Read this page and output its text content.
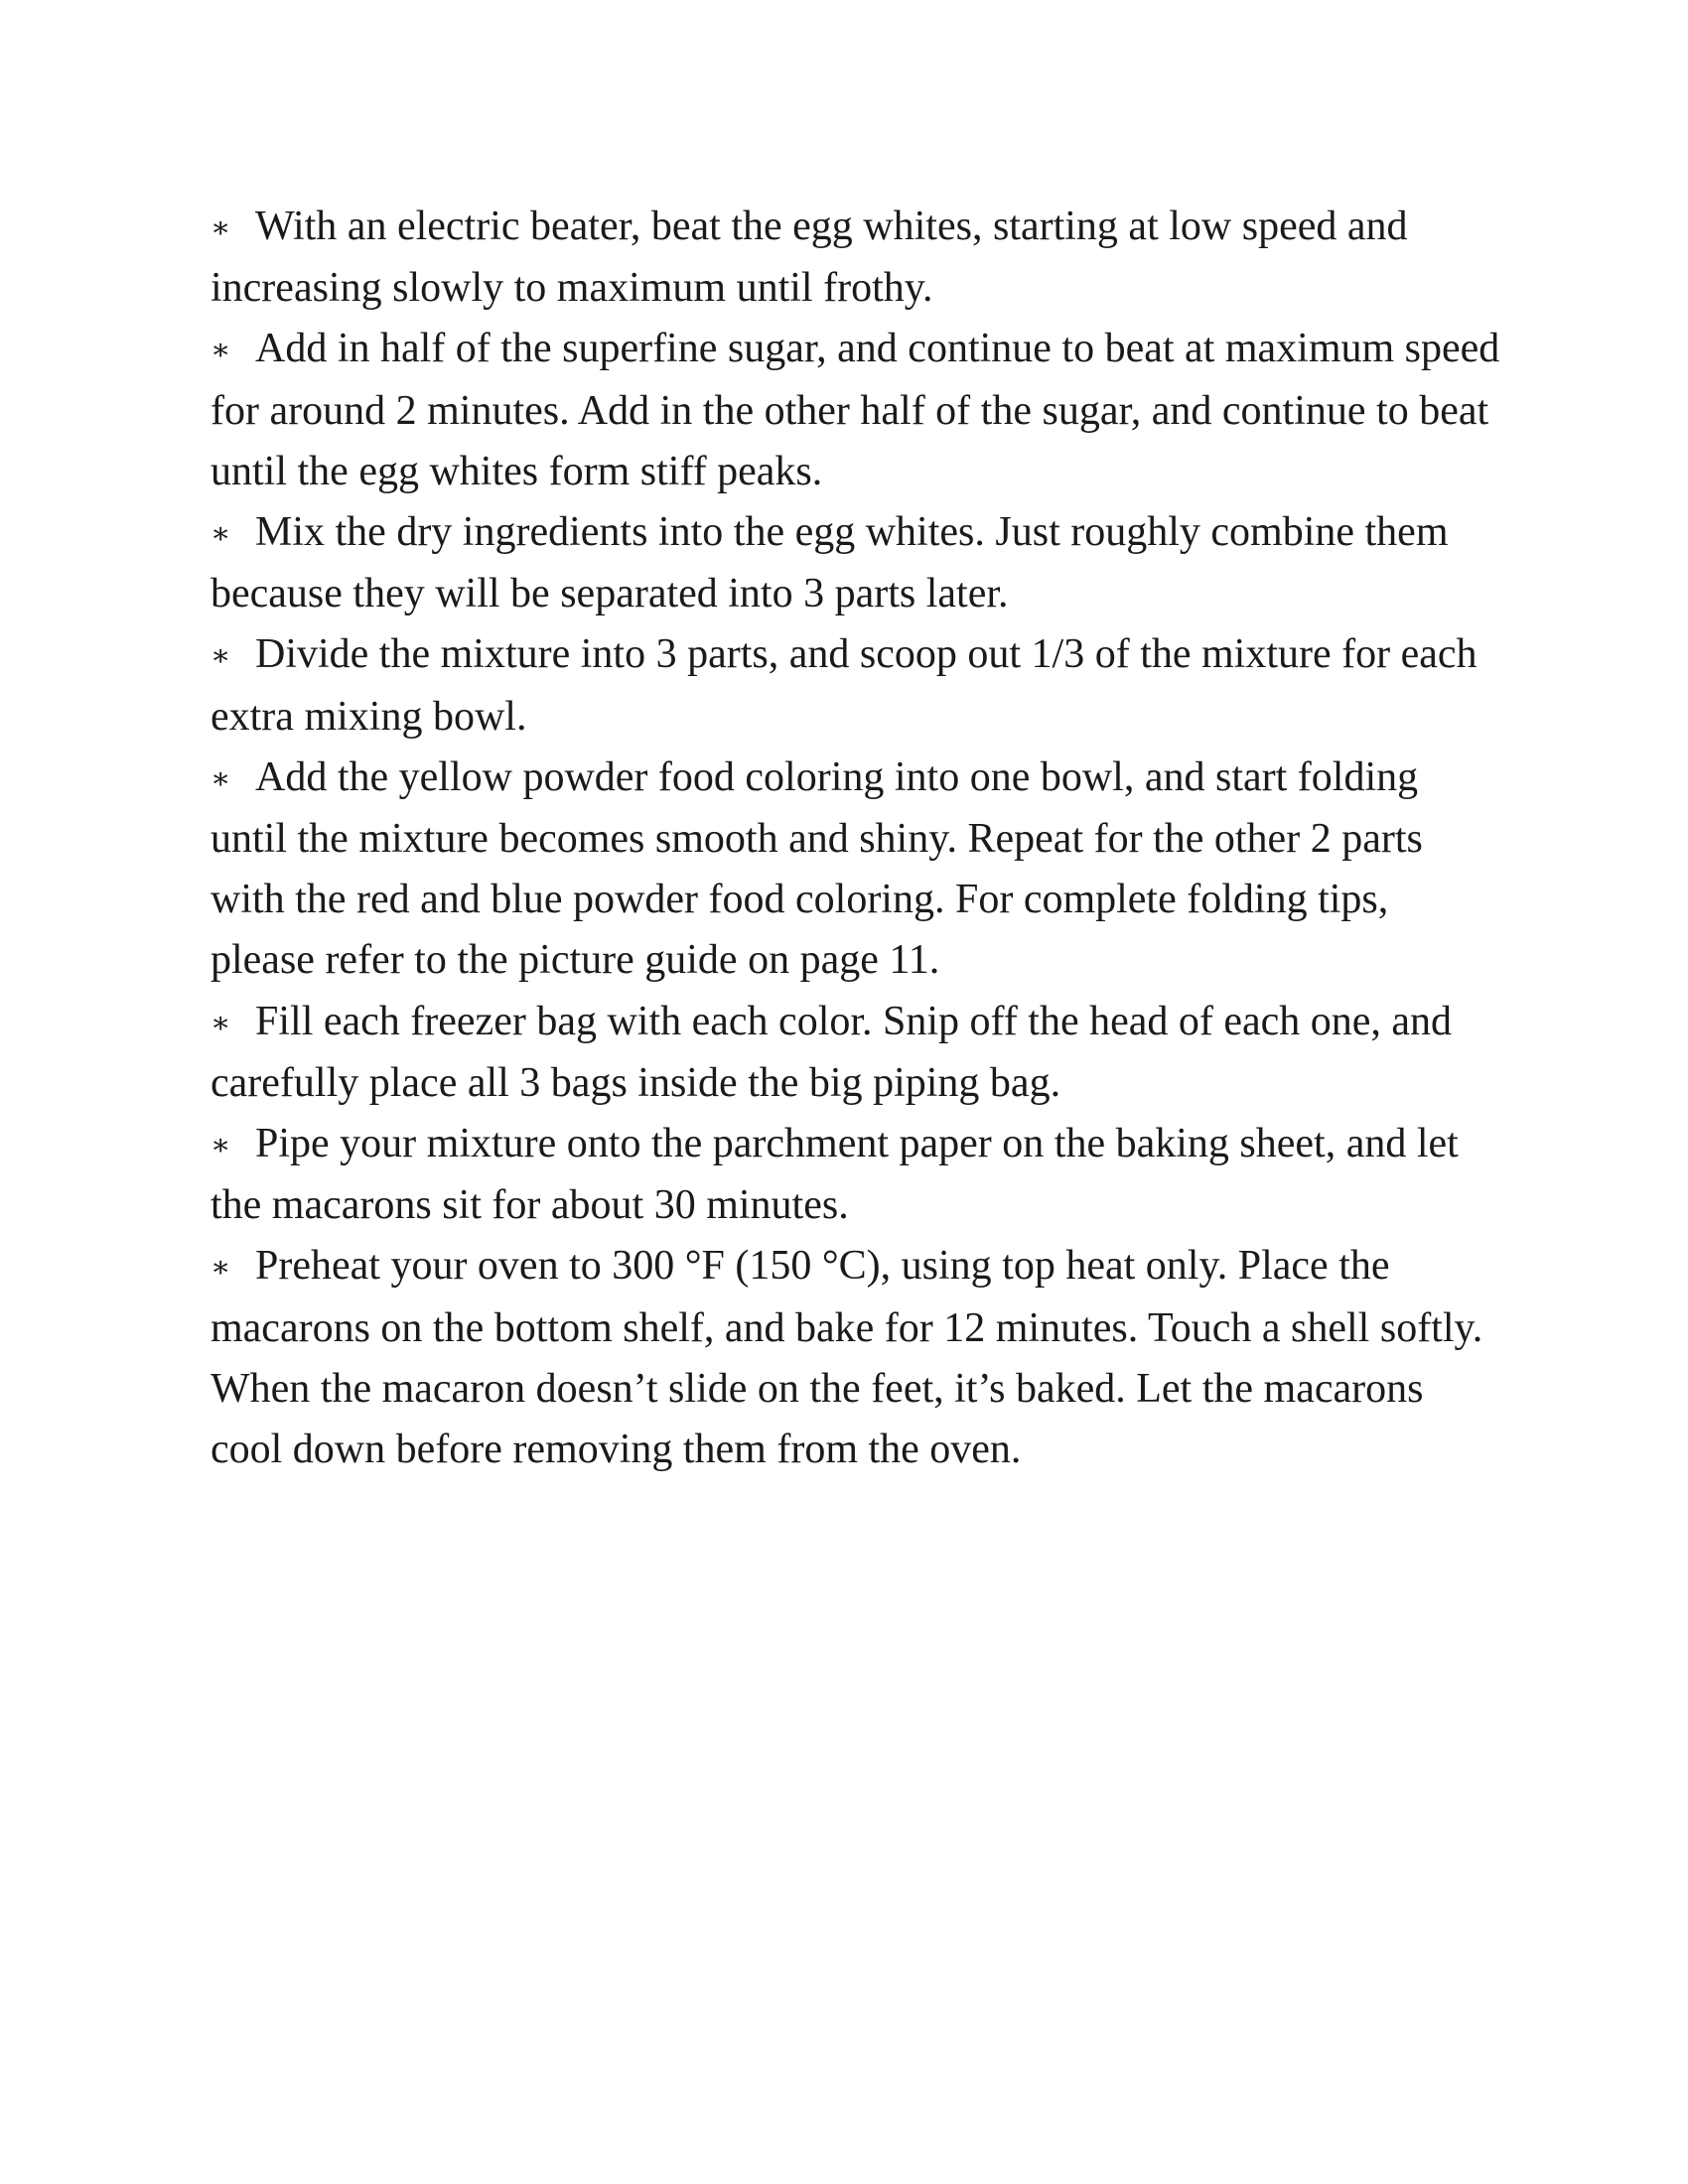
∗ With an electric beater, beat the egg whites, starting at low speed and increasing slowly to maximum until frothy.
∗ Add in half of the superfine sugar, and continue to beat at maximum speed for around 2 minutes. Add in the other half of the sugar, and continue to beat until the egg whites form stiff peaks.
∗ Mix the dry ingredients into the egg whites. Just roughly combine them because they will be separated into 3 parts later.
∗ Divide the mixture into 3 parts, and scoop out 1/3 of the mixture for each extra mixing bowl.
∗ Add the yellow powder food coloring into one bowl, and start folding until the mixture becomes smooth and shiny. Repeat for the other 2 parts with the red and blue powder food coloring. For complete folding tips, please refer to the picture guide on page 11.
∗ Fill each freezer bag with each color. Snip off the head of each one, and carefully place all 3 bags inside the big piping bag.
∗ Pipe your mixture onto the parchment paper on the baking sheet, and let the macarons sit for about 30 minutes.
∗ Preheat your oven to 300 °F (150 °C), using top heat only. Place the macarons on the bottom shelf, and bake for 12 minutes. Touch a shell softly. When the macaron doesn’t slide on the feet, it’s baked. Let the macarons cool down before removing them from the oven.
